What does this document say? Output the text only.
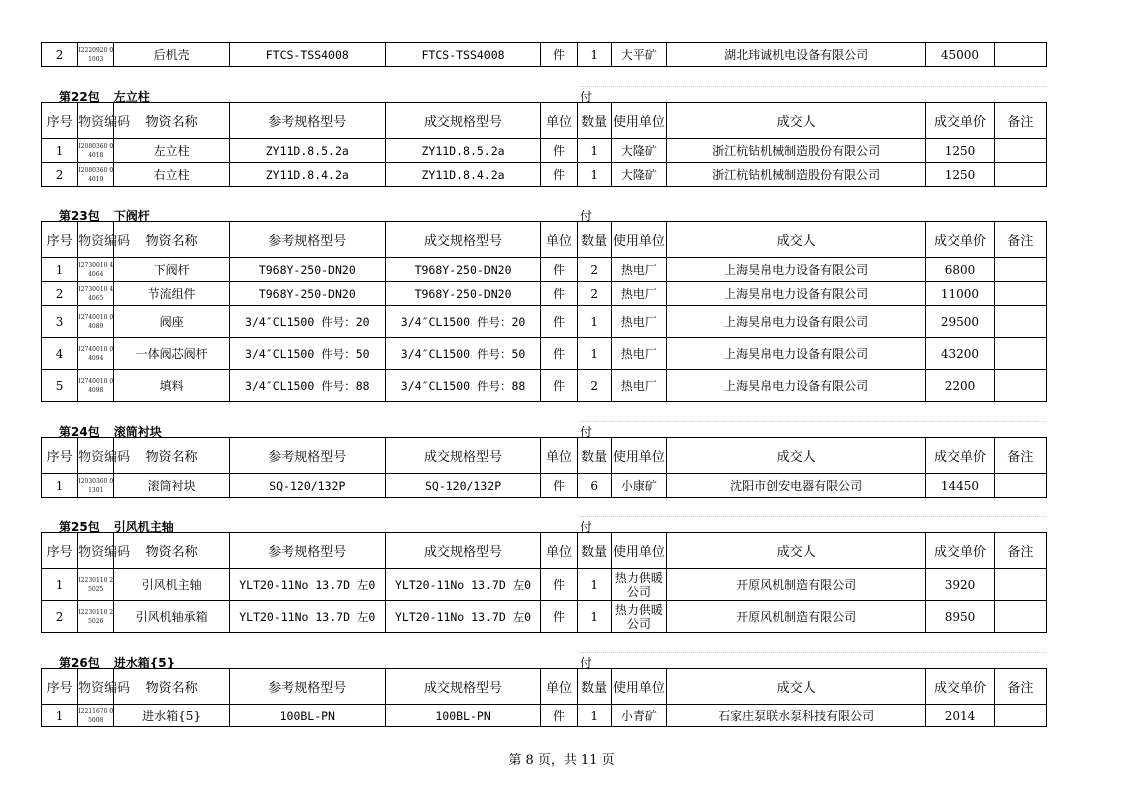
2	I2220920 01003	后机壳	FTCS-TSS4008	FTCS-TSS4008	件	1	大平矿	湖北玮诚机电设备有限公司	45000	
第22包 左立柱	付
序号	物资编码	物资名称	参考规格型号	成交规格型号	单位	数量	使用单位	成交人	成交单价	备注
1	I2080360 04018	左立柱	ZY11D.8.5.2a	ZY11D.8.5.2a	件	1	大隆矿	浙江杭钻机械制造股份有限公司	1250	
2	I2080360 04019	右立柱	ZY11D.8.4.2a	ZY11D.8.4.2a	件	1	大隆矿	浙江杭钻机械制造股份有限公司	1250	
第23包 下阀杆	付
序号	物资编码	物资名称	参考规格型号	成交规格型号	单位	数量	使用单位	成交人	成交单价	备注
1	I2730010 44064	下阀杆	T968Y-250-DN20	T968Y-250-DN20	件	2	热电厂	上海昊帛电力设备有限公司	6800	
2	I2730010 44065	节流组件	T968Y-250-DN20	T968Y-250-DN20	件	2	热电厂	上海昊帛电力设备有限公司	11000	
3	I2740010 04089	阀座	3/4″CL1500 件号：20	3/4″CL1500 件号：20	件	1	热电厂	上海昊帛电力设备有限公司	29500	
4	I2740010 04094	一体阀芯阀杆	3/4″CL1500 件号：50	3/4″CL1500 件号：50	件	1	热电厂	上海昊帛电力设备有限公司	43200	
5	I2740010 04098	填料	3/4″CL1500 件号：88	3/4″CL1500 件号：88	件	2	热电厂	上海昊帛电力设备有限公司	2200	
第24包 滚筒衬块	付
序号	物资编码	物资名称	参考规格型号	成交规格型号	单位	数量	使用单位	成交人	成交单价	备注
1	I2030360 01301	滚筒衬块	SQ-120/132P	SQ-120/132P	件	6	小康矿	沈阳市创安电器有限公司	14450	
第25包 引风机主轴	付
序号	物资编码	物资名称	参考规格型号	成交规格型号	单位	数量	使用单位	成交人	成交单价	备注
1	I2230110 25025	引风机主轴	YLT20-11No 13.7D 左0	YLT20-11No 13.7D 左0	件	1	热力供暖公司	开原风机制造有限公司	3920	
2	I2230110 25026	引风机轴承箱	YLT20-11No 13.7D 左0	YLT20-11No 13.7D 左0	件	1	热力供暖公司	开原风机制造有限公司	8950	
第26包 进水箱{5}	付
序号	物资编码	物资名称	参考规格型号	成交规格型号	单位	数量	使用单位	成交人	成交单价	备注
1	I2211670 05008	进水箱{5}	100BL-PN	100BL-PN	件	1	小青矿	石家庄泵联水泵科技有限公司	2014	
第 8 页，共 11 页
